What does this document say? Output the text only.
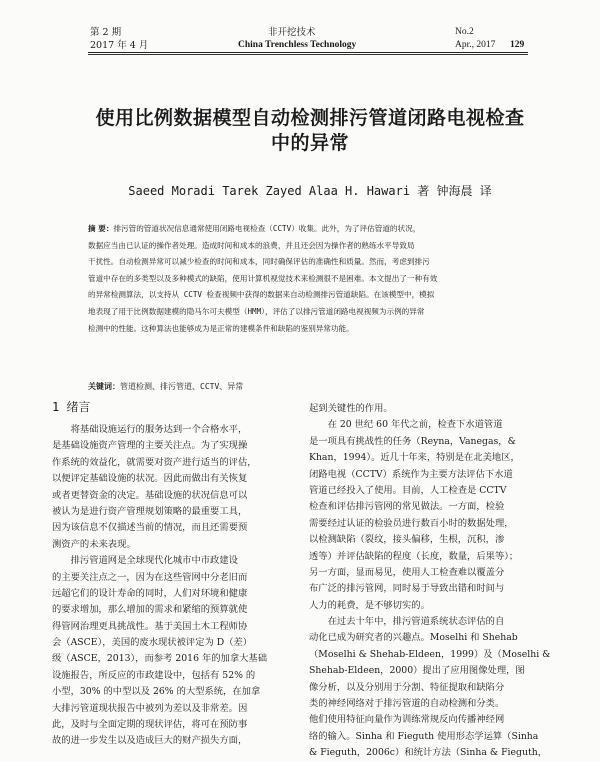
第 2 期
2017 年 4 月
非开挖技术
China Trenchless Technology
No.2
Apr., 2017 129
使用比例数据模型自动检测排污管道闭路电视检查
中的异常
Saeed Moradi Tarek Zayed Alaa H. Hawari 著 钟海晨 译
摘 要：排污管的管道状况信息通常使用闭路电视检查（CCTV）收集。此外，为了评估管道的状况，
数据应当由已认证的操作者处理。造成时间和成本的浪费，并且还会因为操作者的熟练水平导致局
干扰性。自动检测异常可以减少检查的时间和成本，同时确保评估的准确性和质量。然而，考虑到排污
管道中存在的多类型以及多种模式的缺陷，使用计算机视觉技术来检测很不是困难。本文提出了一种有效
的异常检测算法，以支持从 CCTV 检查视频中获得的数据来自动检测排污管道缺陷。在该模型中，模拟
地表现了用于比例数据建模的隐马尔可夫模型（HMM），评估了以排污管道闭路电视视频为示例的异常
检测中的性能。这种算法也能够成为是正常的建模条件和缺陷的鉴别异常功能。
关键词：管道检测、排污管道、CCTV、异常
1 绪言
　　将基础设施运行的服务达到一个合格水平，
是基础设施资产管理的主要关注点。为了实现操
作系统的效益化，就需要对资产进行适当的评估，
以便评定基础设施的状况。因此而做出有关恢复
或者更替资金的决定。基础设施的状况信息可以
被认为是进行资产管理规划策略的最重要工具，
因为该信息不仅描述当前的情况，而且还需要预
测资产的未来表现。
　　排污管道网是全球现代化城市中市政建设
的主要关注点之一，因为在这些管网中分老旧而
远超它们的设计寿命的同时，人们对环境和健康
的要求增加，那么增加的需求和紧缩的预算就使
得管网治理更具挑战性。基于美国土木工程师协
会（ASCE），美国的废水现状被评定为 D（差）
级（ASCE，2013），而参考 2016 年的加拿大基础
设施报告，所反应的市政建设中，包括有 52% 的
小型，30% 的中型以及 26% 的大型系统，在加拿
大排污管道现状报告中被列为差以及非常差。因
此，及时与全面定期的现状评估，将可在预防事
故的进一步发生以及造成巨大的财产损失方面，
起到关键性的作用。
　　在 20 世纪 60 年代之前，检查下水道管道
是一项具有挑战性的任务（Reyna，Vanegas，&
Khan，1994）。近几十年来，特别是在北美地区，
闭路电视（CCTV）系统作为主要方法评估下水道
管道已经投入了使用。目前，人工检查是 CCTV
检查和评估排污管网的常见做法。一方面，检验
需要经过认证的检验员进行数百小时的数据处理，
以检测缺陷（裂纹，接头偏移，生根，沉积，渗
透等）并评估缺陷的程度（长度，数量，后果等）；
另一方面，显而易见，使用人工检查难以覆盖分
布广泛的排污管网，同时易于导致出错和时间与
人力的耗费，是不够切实的。
　　在过去十年中，排污管道系统状态评估的自
动化已成为研究者的兴趣点。Moselhi 和 Shehab
（Moselhi & Shehab-Eldeen，1999）及（Moselhi &
Shehab-Eldeen，2000）提出了应用图像处理，图
像分析，以及分别用于分割、特征提取和缺陷分
类的神经网络对于排污管道的自动检测和分类。
他们使用特征向量作为训练常规反向传播神经网
络的输入。Sinha 和 Fieguth 使用形态学运算（Sinha
& Fieguth，2006c）和统计方法（Sinha & Fieguth，
